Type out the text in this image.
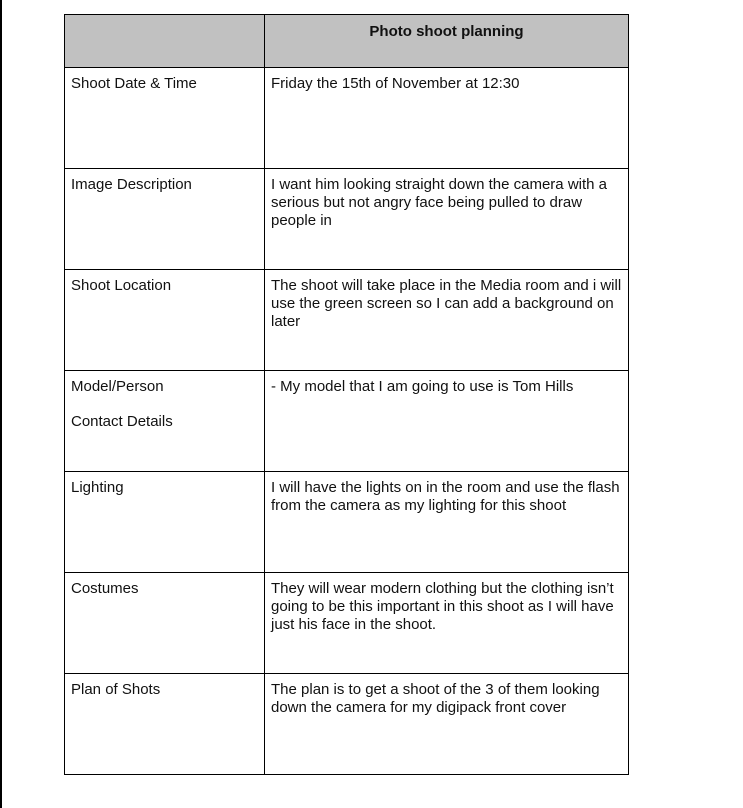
	Photo shoot planning

Shoot Date & Time	Friday the 15th of November at 12:30

Image Description	I want him looking straight down the camera with a serious but not angry face being pulled to draw people in

Shoot Location	The shoot will take place in the Media room and i will use the green screen so I can add a background on later

Model/Person
Contact Details	- My model that I am going to use is Tom Hills

Lighting	I will have the lights on in the room and use the flash from the camera as my lighting for this shoot

Costumes	They will wear modern clothing but the clothing isn’t going to be this important in this shoot as I will have just his face in the shoot.

Plan of Shots	The plan is to get a shoot of the 3 of them looking down the camera for my digipack front cover
